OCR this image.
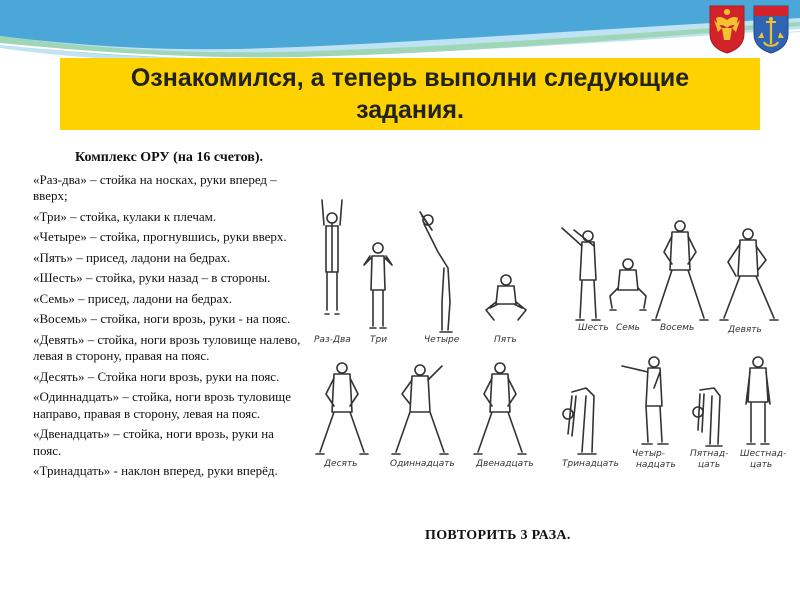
Ознакомился, а теперь выполни следующие задания.
Комплекс ОРУ (на 16 счетов).
«Раз-два» – стойка на носках, руки вперед – вверх;
«Три» – стойка, кулаки к плечам.
«Четыре» – стойка, прогнувшись, руки вверх.
«Пять» – присед, ладони на бедрах.
«Шесть» – стойка, руки назад – в стороны.
«Семь» – присед, ладони на бедрах.
«Восемь» – стойка, ноги врозь, руки - на пояс.
«Девять» – стойка, ноги врозь туловище налево, левая в сторону, правая на пояс.
«Десять» – Стойка ноги врозь, руки на пояс.
«Одиннадцать» – стойка, ноги врозь туловище направо, правая в сторону, левая на пояс.
«Двенадцать» – стойка, ноги врозь, руки на пояс.
«Тринадцать» - наклон вперед, руки вперёд.
Раз-Два Три	Четыре	Пять
Шесть Семь Восемь	Девять
Десять	Одиннадцать Двенадцать	Тринадцать
Четыр-
надцать
Пятнад-
цать
Шестнад-
цать
ПОВТОРИТЬ 3 РАЗА.
